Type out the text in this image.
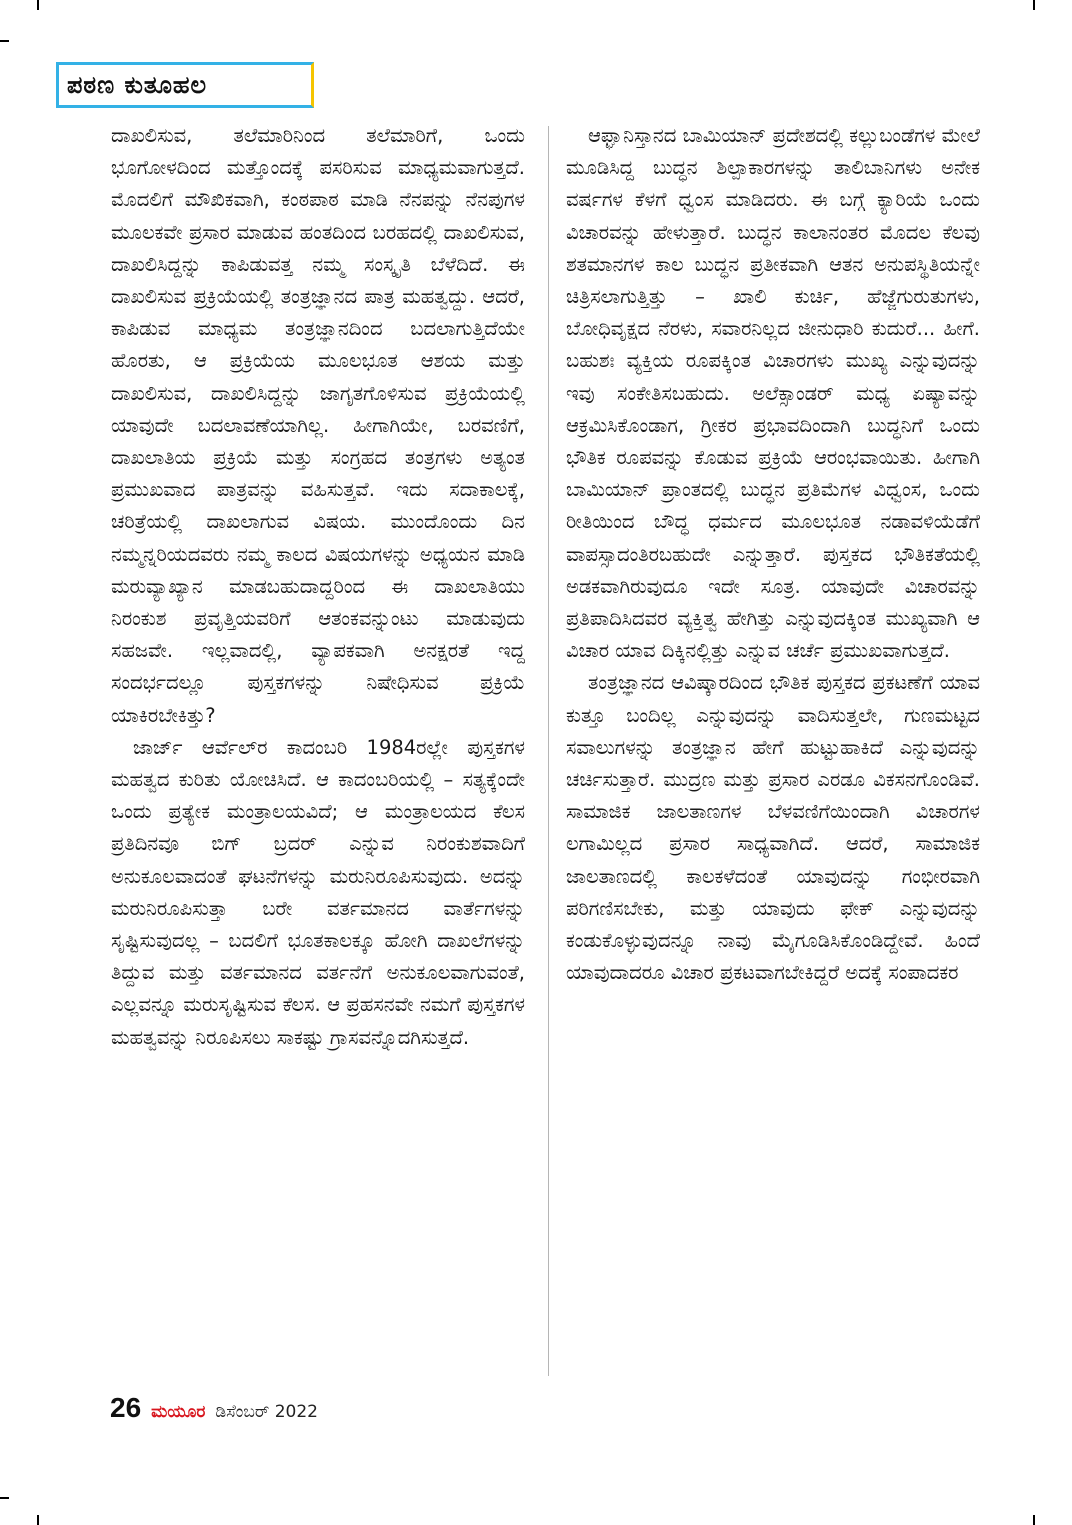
ಪಠಣ ಕುತೂಹಲ

ದಾಖಲಿಸುವ, ತಲೆಮಾರಿನಿಂದ ತಲೆಮಾರಿಗೆ, ಒಂದು ಭೂಗೋಳದಿಂದ ಮತ್ತೊಂದಕ್ಕೆ ಪಸರಿಸುವ ಮಾಧ್ಯಮವಾಗುತ್ತದೆ. ಮೊದಲಿಗೆ ಮೌಖಿಕವಾಗಿ, ಕಂಠಪಾಠ ಮಾಡಿ ನೆನಪನ್ನು ನೆನಪುಗಳ ಮೂಲಕವೇ ಪ್ರಸಾರ ಮಾಡುವ ಹಂತದಿಂದ ಬರಹದಲ್ಲಿ ದಾಖಲಿಸುವ, ದಾಖಲಿಸಿದ್ದನ್ನು ಕಾಪಿಡುವತ್ತ ನಮ್ಮ ಸಂಸ್ಕೃತಿ ಬೆಳೆದಿದೆ. ಈ ದಾಖಲಿಸುವ ಪ್ರಕ್ರಿಯೆಯಲ್ಲಿ ತಂತ್ರಜ್ಞಾನದ ಪಾತ್ರ ಮಹತ್ವದ್ದು. ಆದರೆ, ಕಾಪಿಡುವ ಮಾಧ್ಯಮ ತಂತ್ರಜ್ಞಾನದಿಂದ ಬದಲಾಗುತ್ತಿದೆಯೇ ಹೊರತು, ಆ ಪ್ರಕ್ರಿಯೆಯ ಮೂಲಭೂತ ಆಶಯ ಮತ್ತು ದಾಖಲಿಸುವ, ದಾಖಲಿಸಿದ್ದನ್ನು ಜಾಗೃತಗೊಳಿಸುವ ಪ್ರಕ್ರಿಯೆಯಲ್ಲಿ ಯಾವುದೇ ಬದಲಾವಣೆಯಾಗಿಲ್ಲ. ಹೀಗಾಗಿಯೇ, ಬರವಣಿಗೆ, ದಾಖಲಾತಿಯ ಪ್ರಕ್ರಿಯೆ ಮತ್ತು ಸಂಗ್ರಹದ ತಂತ್ರಗಳು ಅತ್ಯಂತ ಪ್ರಮುಖವಾದ ಪಾತ್ರವನ್ನು ವಹಿಸುತ್ತವೆ. ಇದು ಸದಾಕಾಲಕ್ಕೆ, ಚರಿತ್ರೆಯಲ್ಲಿ ದಾಖಲಾಗುವ ವಿಷಯ. ಮುಂದೊಂದು ದಿನ ನಮ್ಮನ್ನರಿಯದವರು ನಮ್ಮ ಕಾಲದ ವಿಷಯಗಳನ್ನು ಅಧ್ಯಯನ ಮಾಡಿ ಮರುವ್ಯಾಖ್ಯಾನ ಮಾಡಬಹುದಾದ್ದರಿಂದ ಈ ದಾಖಲಾತಿಯು ನಿರಂಕುಶ ಪ್ರವೃತ್ತಿಯವರಿಗೆ ಆತಂಕವನ್ನುಂಟು ಮಾಡುವುದು ಸಹಜವೇ. ಇಲ್ಲವಾದಲ್ಲಿ, ವ್ಯಾಪಕವಾಗಿ ಅನಕ್ಷರತೆ ಇದ್ದ ಸಂದರ್ಭದಲ್ಲೂ ಪುಸ್ತಕಗಳನ್ನು ನಿಷೇಧಿಸುವ ಪ್ರಕ್ರಿಯೆ ಯಾಕಿರಬೇಕಿತ್ತು?

ಜಾರ್ಜ್ ಆರ್ವೆಲ್‌ರ ಕಾದಂಬರಿ 1984ರಲ್ಲೇ ಪುಸ್ತಕಗಳ ಮಹತ್ವದ ಕುರಿತು ಯೋಚಿಸಿದೆ. ಆ ಕಾದಂಬರಿಯಲ್ಲಿ – ಸತ್ಯಕ್ಕೆಂದೇ ಒಂದು ಪ್ರತ್ಯೇಕ ಮಂತ್ರಾಲಯವಿದೆ; ಆ ಮಂತ್ರಾಲಯದ ಕೆಲಸ ಪ್ರತಿದಿನವೂ ಬಿಗ್ ಬ್ರದರ್ ಎನ್ನುವ ನಿರಂಕುಶವಾದಿಗೆ ಅನುಕೂಲವಾದಂತೆ ಘಟನೆಗಳನ್ನು ಮರುನಿರೂಪಿಸುವುದು. ಅದನ್ನು ಮರುನಿರೂಪಿಸುತ್ತಾ ಬರೇ ವರ್ತಮಾನದ ವಾರ್ತೆಗಳನ್ನು ಸೃಷ್ಟಿಸುವುದಲ್ಲ – ಬದಲಿಗೆ ಭೂತಕಾಲಕ್ಕೂ ಹೋಗಿ ದಾಖಲೆಗಳನ್ನು ತಿದ್ದುವ ಮತ್ತು ವರ್ತಮಾನದ ವರ್ತನೆಗೆ ಅನುಕೂಲವಾಗುವಂತೆ, ಎಲ್ಲವನ್ನೂ ಮರುಸೃಷ್ಟಿಸುವ ಕೆಲಸ. ಆ ಪ್ರಹಸನವೇ ನಮಗೆ ಪುಸ್ತಕಗಳ ಮಹತ್ವವನ್ನು ನಿರೂಪಿಸಲು ಸಾಕಷ್ಟು ಗ್ರಾಸವನ್ನೊದಗಿಸುತ್ತದೆ.

ಆಫ್ಘಾನಿಸ್ತಾನದ ಬಾಮಿಯಾನ್ ಪ್ರದೇಶದಲ್ಲಿ ಕಲ್ಲುಬಂಡೆಗಳ ಮೇಲೆ ಮೂಡಿಸಿದ್ದ ಬುದ್ಧನ ಶಿಲ್ಪಾಕಾರಗಳನ್ನು ತಾಲಿಬಾನಿಗಳು ಅನೇಕ ವರ್ಷಗಳ ಕೆಳಗೆ ಧ್ವಂಸ ಮಾಡಿದರು. ಈ ಬಗ್ಗೆ ಕ್ಯಾರಿಯೆ ಒಂದು ವಿಚಾರವನ್ನು ಹೇಳುತ್ತಾರೆ. ಬುದ್ಧನ ಕಾಲಾನಂತರ ಮೊದಲ ಕೆಲವು ಶತಮಾನಗಳ ಕಾಲ ಬುದ್ಧನ ಪ್ರತೀಕವಾಗಿ ಆತನ ಅನುಪಸ್ಥಿತಿಯನ್ನೇ ಚಿತ್ರಿಸಲಾಗುತ್ತಿತ್ತು – ಖಾಲಿ ಕುರ್ಚಿ, ಹೆಜ್ಜೆಗುರುತುಗಳು, ಬೋಧಿವೃಕ್ಷದ ನೆರಳು, ಸವಾರನಿಲ್ಲದ ಜೀನುಧಾರಿ ಕುದುರೆ... ಹೀಗೆ. ಬಹುಶಃ ವ್ಯಕ್ತಿಯ ರೂಪಕ್ಕಿಂತ ವಿಚಾರಗಳು ಮುಖ್ಯ ಎನ್ನುವುದನ್ನು ಇವು ಸಂಕೇತಿಸಬಹುದು. ಅಲೆಕ್ಸಾಂಡರ್ ಮಧ್ಯ ಏಷ್ಯಾವನ್ನು ಆಕ್ರಮಿಸಿಕೊಂಡಾಗ, ಗ್ರೀಕರ ಪ್ರಭಾವದಿಂದಾಗಿ ಬುದ್ಧನಿಗೆ ಒಂದು ಭೌತಿಕ ರೂಪವನ್ನು ಕೊಡುವ ಪ್ರಕ್ರಿಯೆ ಆರಂಭವಾಯಿತು. ಹೀಗಾಗಿ ಬಾಮಿಯಾನ್ ಪ್ರಾಂತದಲ್ಲಿ ಬುದ್ಧನ ಪ್ರತಿಮೆಗಳ ವಿಧ್ವಂಸ, ಒಂದು ರೀತಿಯಿಂದ ಬೌದ್ಧ ಧರ್ಮದ ಮೂಲಭೂತ ನಡಾವಳಿಯೆಡೆಗೆ ವಾಪಸ್ಸಾದಂತಿರಬಹುದೇ ಎನ್ನುತ್ತಾರೆ. ಪುಸ್ತಕದ ಭೌತಿಕತೆಯಲ್ಲಿ ಅಡಕವಾಗಿರುವುದೂ ಇದೇ ಸೂತ್ರ. ಯಾವುದೇ ವಿಚಾರವನ್ನು ಪ್ರತಿಪಾದಿಸಿದವರ ವ್ಯಕ್ತಿತ್ವ ಹೇಗಿತ್ತು ಎನ್ನುವುದಕ್ಕಿಂತ ಮುಖ್ಯವಾಗಿ ಆ ವಿಚಾರ ಯಾವ ದಿಕ್ಕಿನಲ್ಲಿತ್ತು ಎನ್ನುವ ಚರ್ಚೆ ಪ್ರಮುಖವಾಗುತ್ತದೆ.

ತಂತ್ರಜ್ಞಾನದ ಆವಿಷ್ಕಾರದಿಂದ ಭೌತಿಕ ಪುಸ್ತಕದ ಪ್ರಕಟಣೆಗೆ ಯಾವ ಕುತ್ತೂ ಬಂದಿಲ್ಲ ಎನ್ನುವುದನ್ನು ವಾದಿಸುತ್ತಲೇ, ಗುಣಮಟ್ಟದ ಸವಾಲುಗಳನ್ನು ತಂತ್ರಜ್ಞಾನ ಹೇಗೆ ಹುಟ್ಟುಹಾಕಿದೆ ಎನ್ನುವುದನ್ನು ಚರ್ಚಿಸುತ್ತಾರೆ. ಮುದ್ರಣ ಮತ್ತು ಪ್ರಸಾರ ಎರಡೂ ವಿಕಸನಗೊಂಡಿವೆ. ಸಾಮಾಜಿಕ ಜಾಲತಾಣಗಳ ಬೆಳವಣಿಗೆಯಿಂದಾಗಿ ವಿಚಾರಗಳ ಲಗಾಮಿಲ್ಲದ ಪ್ರಸಾರ ಸಾಧ್ಯವಾಗಿದೆ. ಆದರೆ, ಸಾಮಾಜಿಕ ಜಾಲತಾಣದಲ್ಲಿ ಕಾಲಕಳೆದಂತೆ ಯಾವುದನ್ನು ಗಂಭೀರವಾಗಿ ಪರಿಗಣಿಸಬೇಕು, ಮತ್ತು ಯಾವುದು ಫೇಕ್ ಎನ್ನುವುದನ್ನು ಕಂಡುಕೊಳ್ಳುವುದನ್ನೂ ನಾವು ಮೈಗೂಡಿಸಿಕೊಂಡಿದ್ದೇವೆ. ಹಿಂದೆ ಯಾವುದಾದರೂ ವಿಚಾರ ಪ್ರಕಟವಾಗಬೇಕಿದ್ದರೆ ಅದಕ್ಕೆ ಸಂಪಾದಕರ

26 ಮಯೂರ ಡಿಸೆಂಬರ್ 2022
